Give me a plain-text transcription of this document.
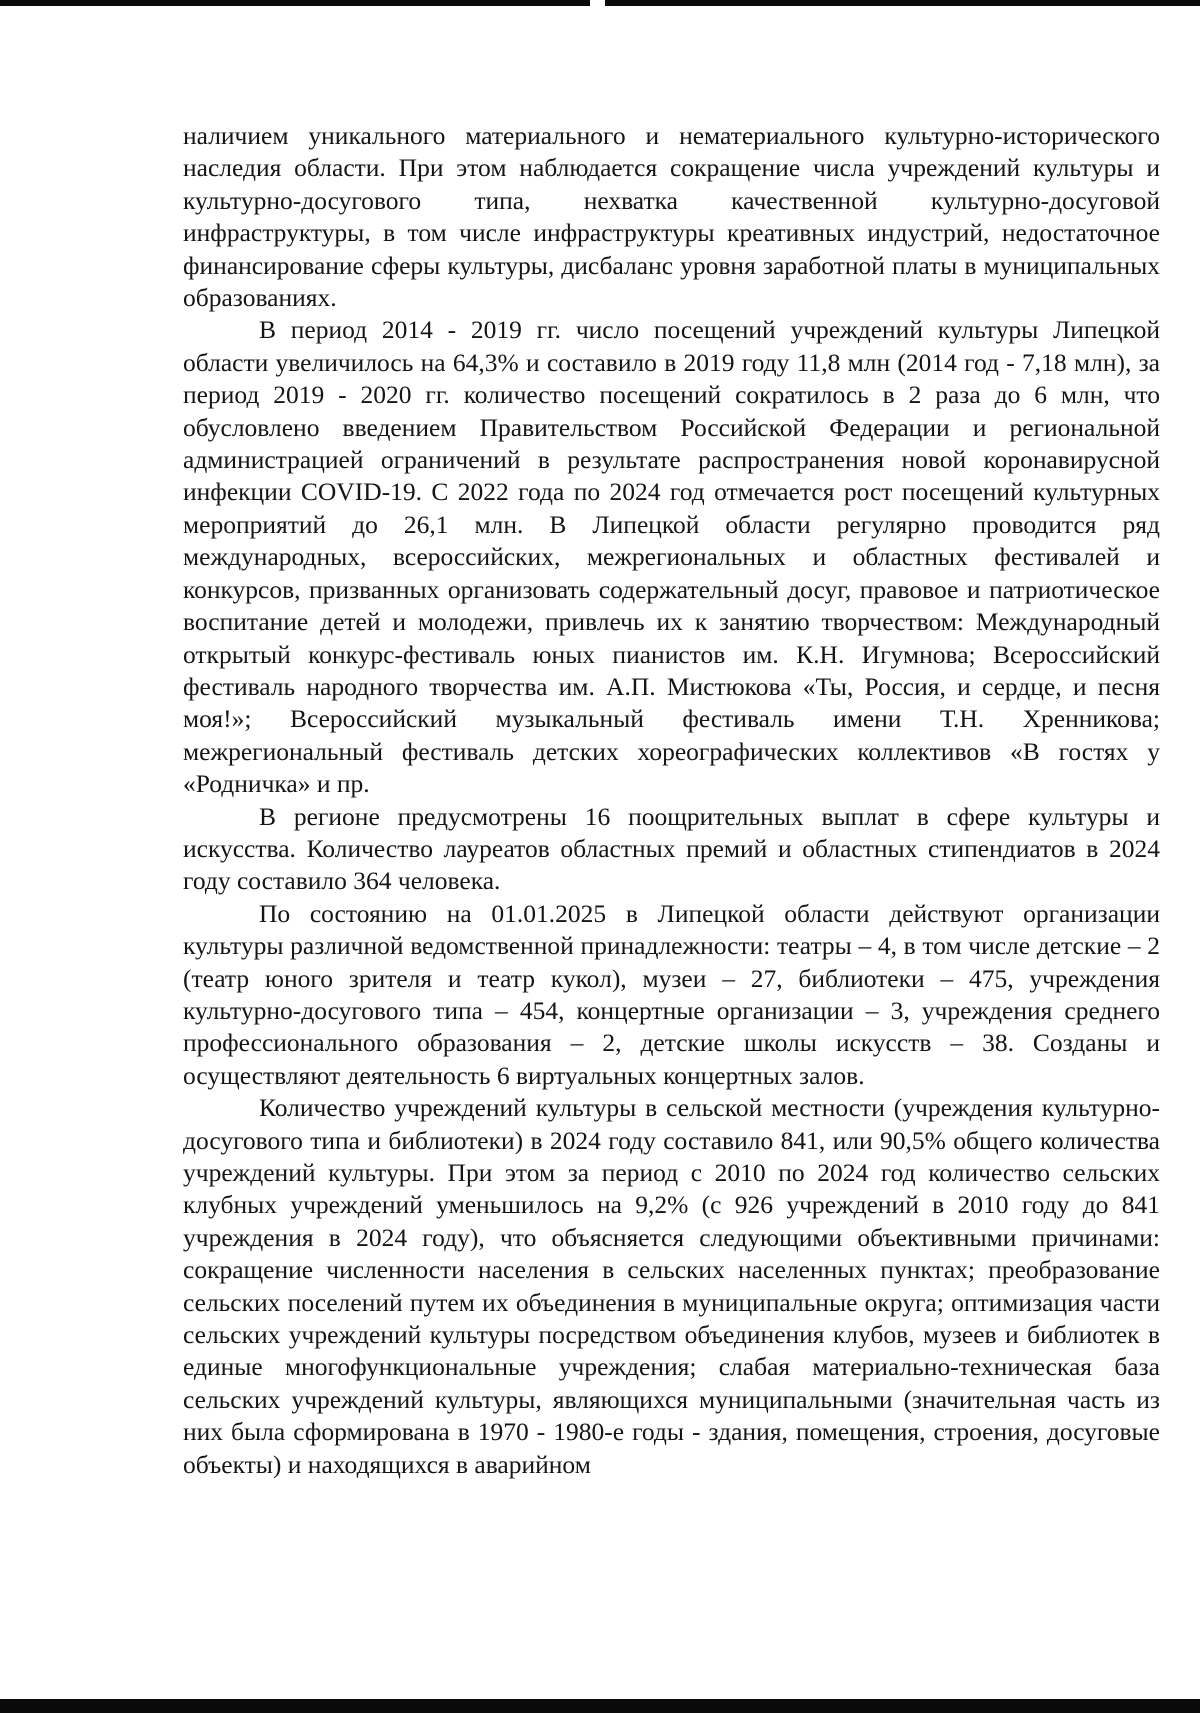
наличием уникального материального и нематериального культурно-исторического наследия области. При этом наблюдается сокращение числа учреждений культуры и культурно-досугового типа, нехватка качественной культурно-досуговой инфраструктуры, в том числе инфраструктуры креативных индустрий, недостаточное финансирование сферы культуры, дисбаланс уровня заработной платы в муниципальных образованиях.

В период 2014 - 2019 гг. число посещений учреждений культуры Липецкой области увеличилось на 64,3% и составило в 2019 году 11,8 млн (2014 год - 7,18 млн), за период 2019 - 2020 гг. количество посещений сократилось в 2 раза до 6 млн, что обусловлено введением Правительством Российской Федерации и региональной администрацией ограничений в результате распространения новой коронавирусной инфекции COVID-19. С 2022 года по 2024 год отмечается рост посещений культурных мероприятий до 26,1 млн. В Липецкой области регулярно проводится ряд международных, всероссийских, межрегиональных и областных фестивалей и конкурсов, призванных организовать содержательный досуг, правовое и патриотическое воспитание детей и молодежи, привлечь их к занятию творчеством: Международный открытый конкурс-фестиваль юных пианистов им. К.Н. Игумнова; Всероссийский фестиваль народного творчества им. А.П. Мистюкова «Ты, Россия, и сердце, и песня моя!»; Всероссийский музыкальный фестиваль имени Т.Н. Хренникова; межрегиональный фестиваль детских хореографических коллективов «В гостях у «Родничка» и пр.

В регионе предусмотрены 16 поощрительных выплат в сфере культуры и искусства. Количество лауреатов областных премий и областных стипендиатов в 2024 году составило 364 человека.

По состоянию на 01.01.2025 в Липецкой области действуют организации культуры различной ведомственной принадлежности: театры – 4, в том числе детские – 2 (театр юного зрителя и театр кукол), музеи – 27, библиотеки – 475, учреждения культурно-досугового типа – 454, концертные организации – 3, учреждения среднего профессионального образования – 2, детские школы искусств – 38. Созданы и осуществляют деятельность 6 виртуальных концертных залов.

Количество учреждений культуры в сельской местности (учреждения культурно-досугового типа и библиотеки) в 2024 году составило 841, или 90,5% общего количества учреждений культуры. При этом за период с 2010 по 2024 год количество сельских клубных учреждений уменьшилось на 9,2% (с 926 учреждений в 2010 году до 841 учреждения в 2024 году), что объясняется следующими объективными причинами: сокращение численности населения в сельских населенных пунктах; преобразование сельских поселений путем их объединения в муниципальные округа; оптимизация части сельских учреждений культуры посредством объединения клубов, музеев и библиотек в единые многофункциональные учреждения; слабая материально-техническая база сельских учреждений культуры, являющихся муниципальными (значительная часть из них была сформирована в 1970 - 1980-е годы - здания, помещения, строения, досуговые объекты) и находящихся в аварийном
